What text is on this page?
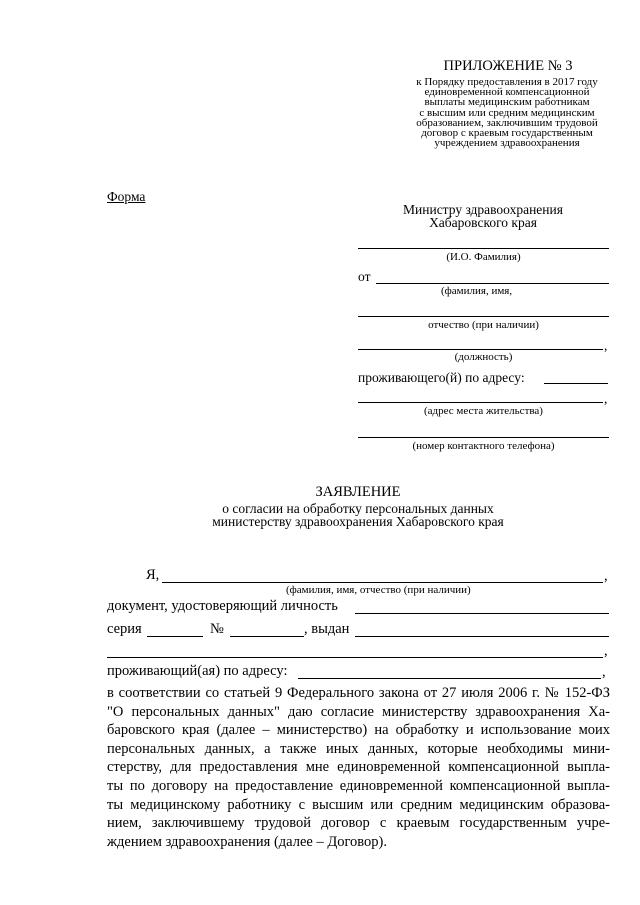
ПРИЛОЖЕНИЕ № 3
к Порядку предоставления в 2017 году
единовременной компенсационной
выплаты медицинским работникам
с высшим или средним медицинским
образованием, заключившим трудовой
договор с краевым государственным
учреждением здравоохранения
Форма
Министру здравоохранения
Хабаровского края
(И.О. Фамилия)
от
(фамилия, имя,
отчество (при наличии)
,
(должность)
проживающего(й) по адресу:
,
(адрес места жительства)
(номер контактного телефона)
ЗАЯВЛЕНИЕ
о согласии на обработку персональных данных
министерству здравоохранения Хабаровского края
Я,	,
(фамилия, имя, отчество (при наличии)
документ, удостоверяющий личность
серия	№	, выдан
,
проживающий(ая) по адресу:	,
в соответствии со статьей 9 Федерального закона от 27 июля 2006 г. № 152-ФЗ
"О персональных данных" даю согласие министерству здравоохранения Ха-
баровского края (далее – министерство) на обработку и использование моих
персональных данных, а также иных данных, которые необходимы мини-
стерству, для предоставления мне единовременной компенсационной выпла-
ты по договору на предоставление единовременной компенсационной выпла-
ты медицинскому работнику с высшим или средним медицинским образова-
нием, заключившему трудовой договор с краевым государственным учре-
ждением здравоохранения (далее – Договор).
